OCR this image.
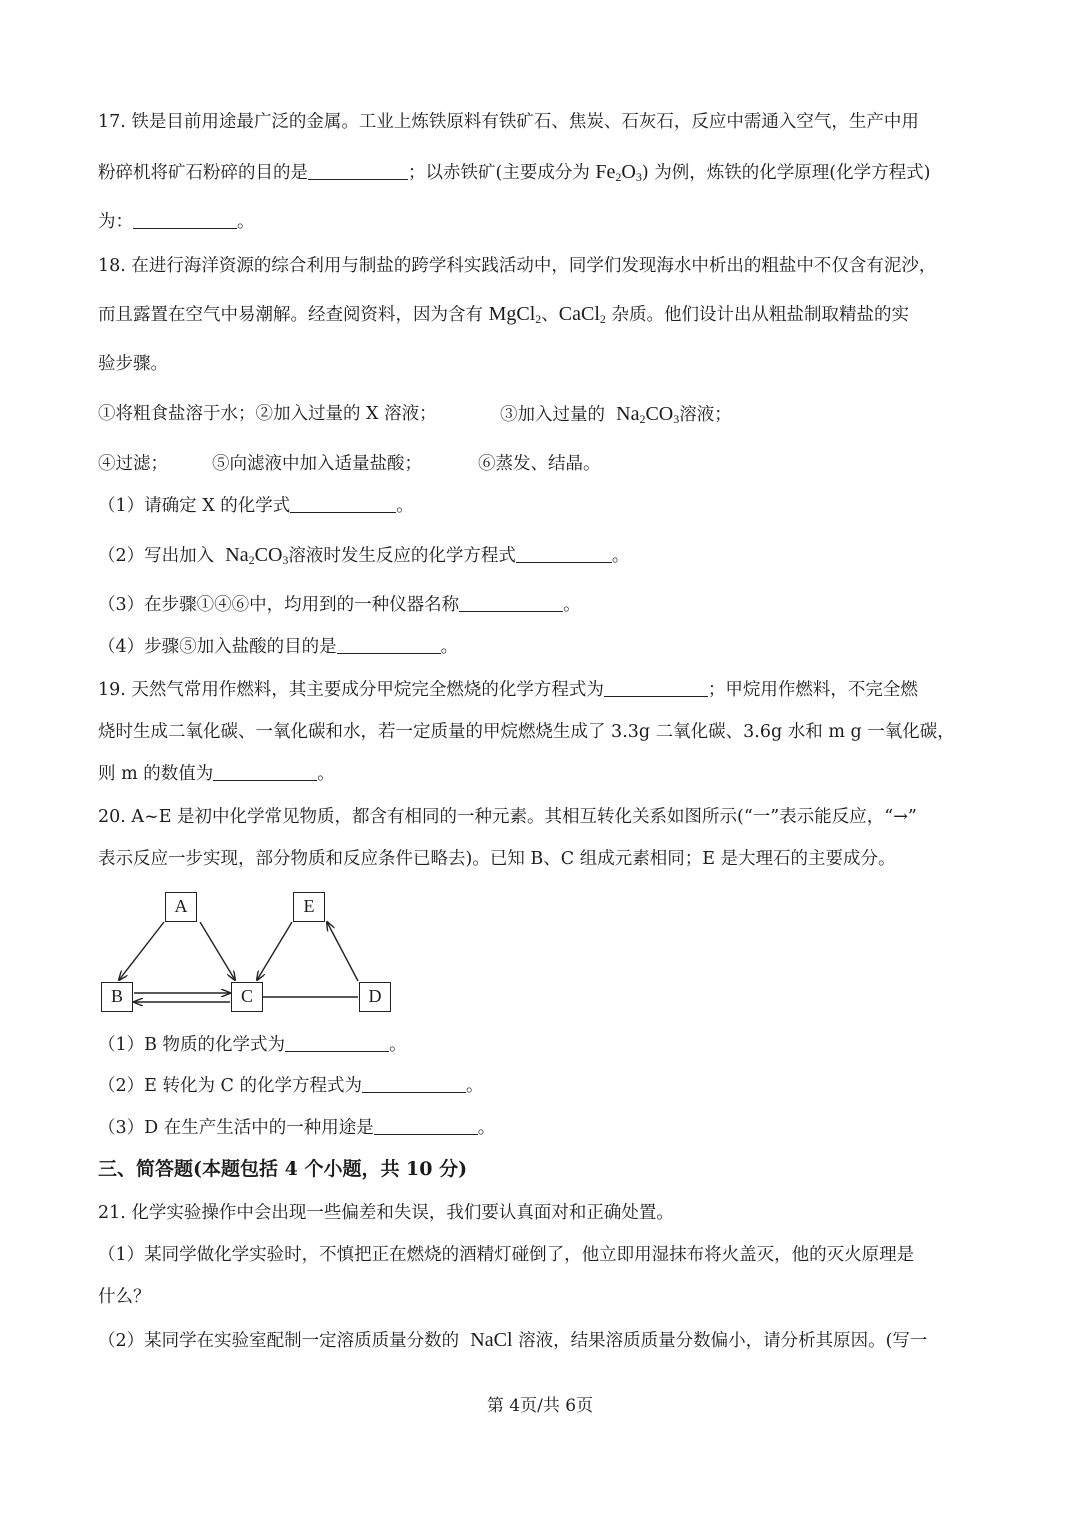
17. 铁是目前用途最广泛的金属。工业上炼铁原料有铁矿石、焦炭、石灰石，反应中需通入空气，生产中用
粉碎机将矿石粉碎的目的是	；以赤铁矿(主要成分为 $Fe_2O_3$) 为例，炼铁的化学原理(化学方程式)
为：	。
18. 在进行海洋资源的综合利用与制盐的跨学科实践活动中，同学们发现海水中析出的粗盐中不仅含有泥沙，
而且露置在空气中易潮解。经查阅资料，因为含有 MgCl$_2$、CaCl$_2$ 杂质。他们设计出从粗盐制取精盐的实
验步骤。
①将粗食盐溶于水；②加入过量的 X 溶液；	③加入过量的 $Na_2CO_3$溶液；
④过滤；	⑤向滤液中加入适量盐酸；	⑥蒸发、结晶。
（1）请确定 X 的化学式	。
（2）写出加入 $Na_2CO_3$溶液时发生反应的化学方程式	。
（3）在步骤①④⑥中，均用到的一种仪器名称	。
（4）步骤⑤加入盐酸的目的是	。
19. 天然气常用作燃料，其主要成分甲烷完全燃烧的化学方程式为	；甲烷用作燃料，不完全燃
烧时生成二氧化碳、一氧化碳和水，若一定质量的甲烷燃烧生成了 3.3g 二氧化碳、3.6g 水和 m g 一氧化碳，
则 m 的数值为	。
20. A~E 是初中化学常见物质，都含有相同的一种元素。其相互转化关系如图所示(“一”表示能反应，“→”
表示反应一步实现，部分物质和反应条件已略去)。已知 B、C 组成元素相同；E 是大理石的主要成分。
A
B	C	D
E
（1）B 物质的化学式为	。
（2）E 转化为 C 的化学方程式为	。
（3）D 在生产生活中的一种用途是	。
三、简答题(本题包括 4 个小题，共 10 分)
21. 化学实验操作中会出现一些偏差和失误，我们要认真面对和正确处置。
（1）某同学做化学实验时，不慎把正在燃烧的酒精灯碰倒了，他立即用湿抹布将火盖灭，他的灭火原理是
什么？
（2）某同学在实验室配制一定溶质质量分数的 NaCl 溶液，结果溶质质量分数偏小，请分析其原因。(写一
第 4页/共 6页
